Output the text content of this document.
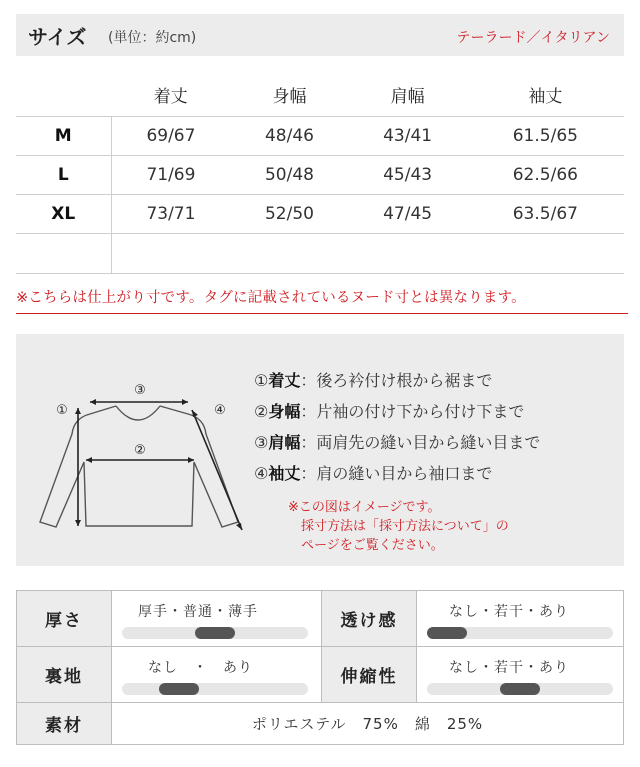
サイズ (単位：約cm)	テーラード／イタリアン
	着丈	身幅	肩幅	袖丈
M	69/67	48/46	43/41	61.5/65
L	71/69	50/48	45/43	62.5/66
XL	73/71	52/50	47/45	63.5/67

※こちらは仕上がり寸です。タグに記載されているヌード寸とは異なります。
③
②
①	④
①着丈：後ろ衿付け根から裾まで
②身幅：片袖の付け下から付け下まで
③肩幅：両肩先の縫い目から縫い目まで
④袖丈：肩の縫い目から袖口まで
※この図はイメージです。
採寸方法は「採寸方法について」の
ページをご覧ください。
厚さ	厚手・普通・薄手	透け感	なし・若干・あり

裏地	なし　・　あり	伸縮性	なし・若干・あり

素材	ポリエステル　75%　綿　25%		
